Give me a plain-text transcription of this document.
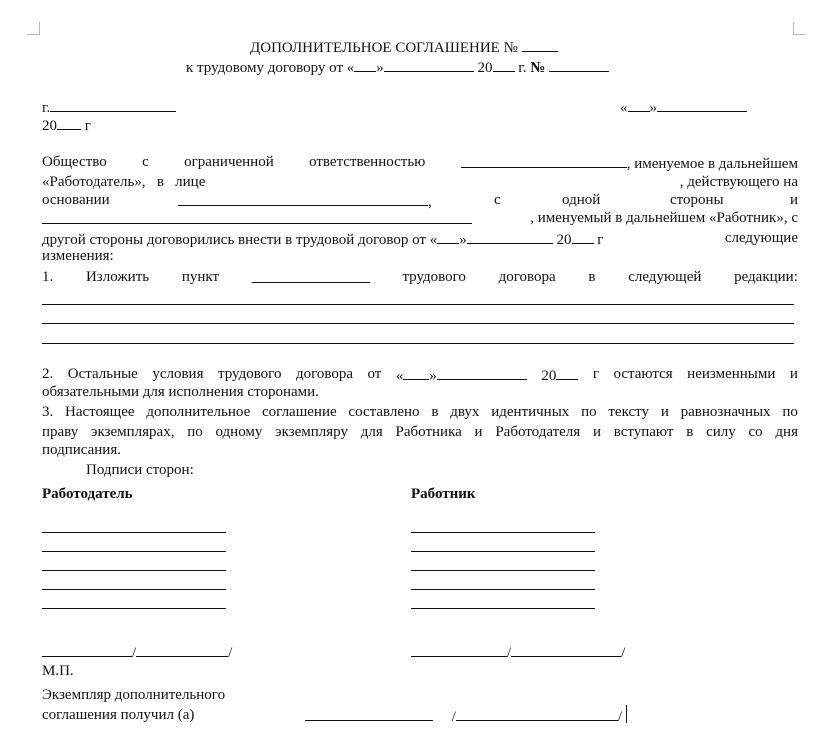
ДОПОЛНИТЕЛЬНОЕ СОГЛАШЕНИЕ №
к трудовому договору от « »	20 г. №
г.
20 г
« »
Общество с ограниченной ответственностью	, именуемое в дальнейшем
«Работодатель», в лице	, действующего на
основании	,	с	одной	стороны	и
, именуемый в дальнейшем «Работник», с
другой стороны договорились внести в трудовой договор от « »	20 г	следующие
изменения:
1. Изложить пункт	трудового договора в следующей редакции:
2. Остальные условия трудового договора от « »	20	г остаются неизменными и
обязательными для исполнения сторонами.
3. Настоящее дополнительное соглашение составлено в двух идентичных по тексту и равнозначных по
праву экземплярах, по одному экземпляру для Работника и Работодателя и вступают в силу со дня
подписания.
Подписи сторон:
Работодатель	Работник
/	/	/	/
М.П.
Экземпляр дополнительного
соглашения получил (а)	/	/
